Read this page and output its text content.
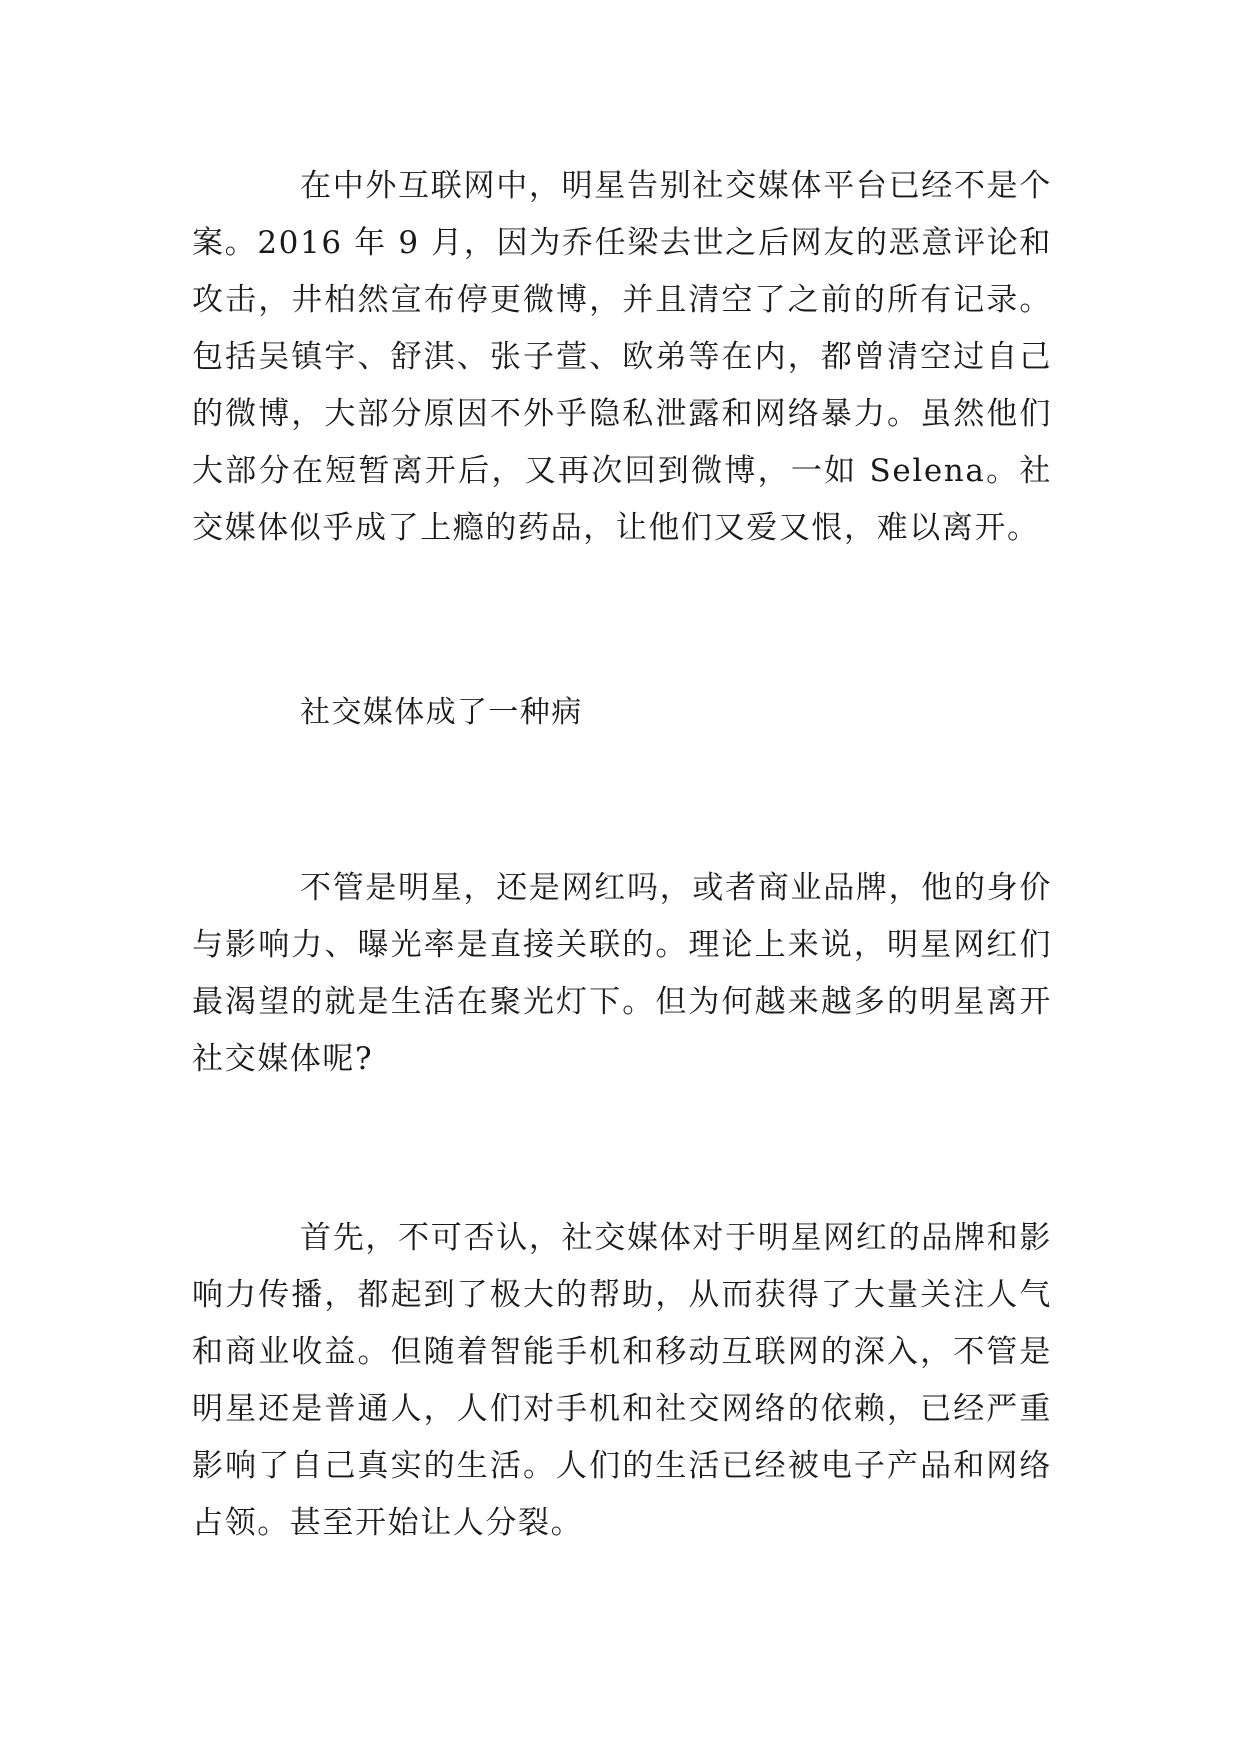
在中外互联网中，明星告别社交媒体平台已经不是个案。2016 年 9 月，因为乔任梁去世之后网友的恶意评论和攻击，井柏然宣布停更微博，并且清空了之前的所有记录。包括吴镇宇、舒淇、张子萱、欧弟等在内，都曾清空过自己的微博，大部分原因不外乎隐私泄露和网络暴力。虽然他们大部分在短暂离开后，又再次回到微博，一如 Selena。社交媒体似乎成了上瘾的药品，让他们又爱又恨，难以离开。

社交媒体成了一种病

不管是明星，还是网红吗，或者商业品牌，他的身价与影响力、曝光率是直接关联的。理论上来说，明星网红们最渴望的就是生活在聚光灯下。但为何越来越多的明星离开社交媒体呢?

首先，不可否认，社交媒体对于明星网红的品牌和影响力传播，都起到了极大的帮助，从而获得了大量关注人气和商业收益。但随着智能手机和移动互联网的深入，不管是明星还是普通人，人们对手机和社交网络的依赖，已经严重影响了自己真实的生活。人们的生活已经被电子产品和网络占领。甚至开始让人分裂。
